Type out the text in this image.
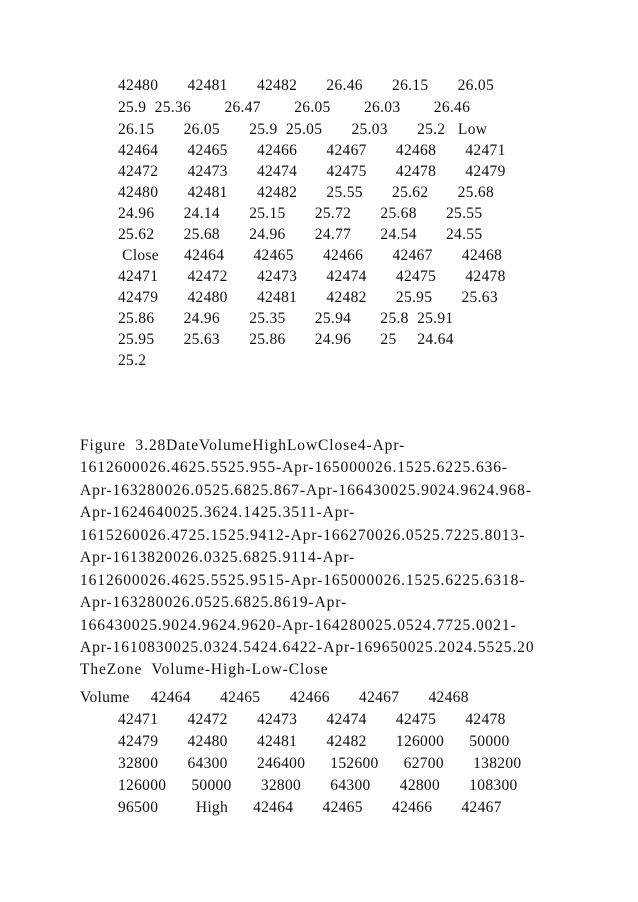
42480       42481       42482       26.46       26.15       26.05
25.9  25.36        26.47        26.05        26.03        26.46
26.15       26.05       25.9  25.05       25.03       25.2   Low
42464       42465       42466       42467       42468       42471
42472       42473       42474       42475       42478       42479
42480       42481       42482       25.55       25.62       25.68
24.96       24.14       25.15       25.72       25.68       25.55
25.62       25.68       24.96       24.77       24.54       24.55
Close      42464       42465       42466       42467       42468
42471       42472       42473       42474       42475       42478
42479       42480       42481       42482       25.95       25.63
25.86       24.96       25.35       25.94       25.8  25.91
25.95       25.63       25.86       24.96       25     24.64
25.2
Figure  3.28DateVolumeHighLowClose4-Apr-
1612600026.4625.5525.955-Apr-165000026.1525.6225.636-
Apr-163280026.0525.6825.867-Apr-166430025.9024.9624.968-
Apr-1624640025.3624.1425.3511-Apr-
1615260026.4725.1525.9412-Apr-166270026.0525.7225.8013-
Apr-1613820026.0325.6825.9114-Apr-
1612600026.4625.5525.9515-Apr-165000026.1525.6225.6318-
Apr-163280026.0525.6825.8619-Apr-
166430025.9024.9624.9620-Apr-164280025.0524.7725.0021-
Apr-1610830025.0324.5424.6422-Apr-169650025.2024.5525.20
TheZone  Volume-High-Low-Close
Volume     42464       42465       42466       42467       42468
42471       42472       42473       42474       42475       42478
42479       42480       42481       42482       126000      50000
32800       64300       246400      152600      62700       138200
126000      50000       32800       64300       42800       108300
96500         High      42464       42465       42466       42467
